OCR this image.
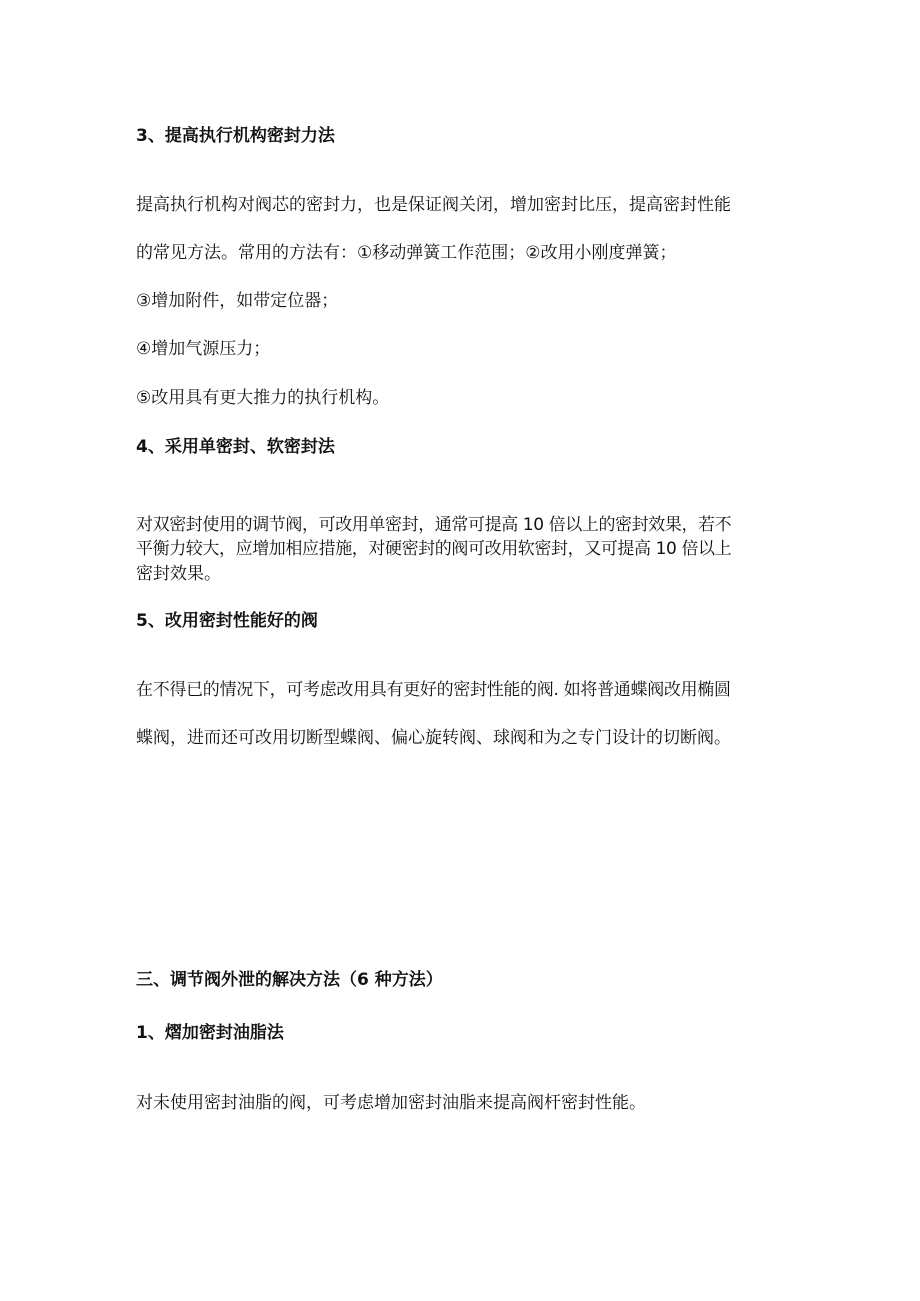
3、提高执行机构密封力法
提高执行机构对阀芯的密封力，也是保证阀关闭，增加密封比压，提高密封性能
的常见方法。常用的方法有：①移动弹簧工作范围；②改用小刚度弹簧；
③增加附件，如带定位器；
④增加气源压力；
⑤改用具有更大推力的执行机构。
4、采用单密封、软密封法
对双密封使用的调节阀，可改用单密封，通常可提高 10 倍以上的密封效果，若不
平衡力较大，应增加相应措施，对硬密封的阀可改用软密封，又可提高 10 倍以上
密封效果。
5、改用密封性能好的阀
在不得已的情况下，可考虑改用具有更好的密封性能的阀. 如将普通蝶阀改用椭圆
蝶阀，进而还可改用切断型蝶阀、偏心旋转阀、球阀和为之专门设计的切断阀。
三、调节阀外泄的解决方法（6 种方法）
1、熠加密封油脂法
对未使用密封油脂的阀，可考虑增加密封油脂来提高阀杆密封性能。
